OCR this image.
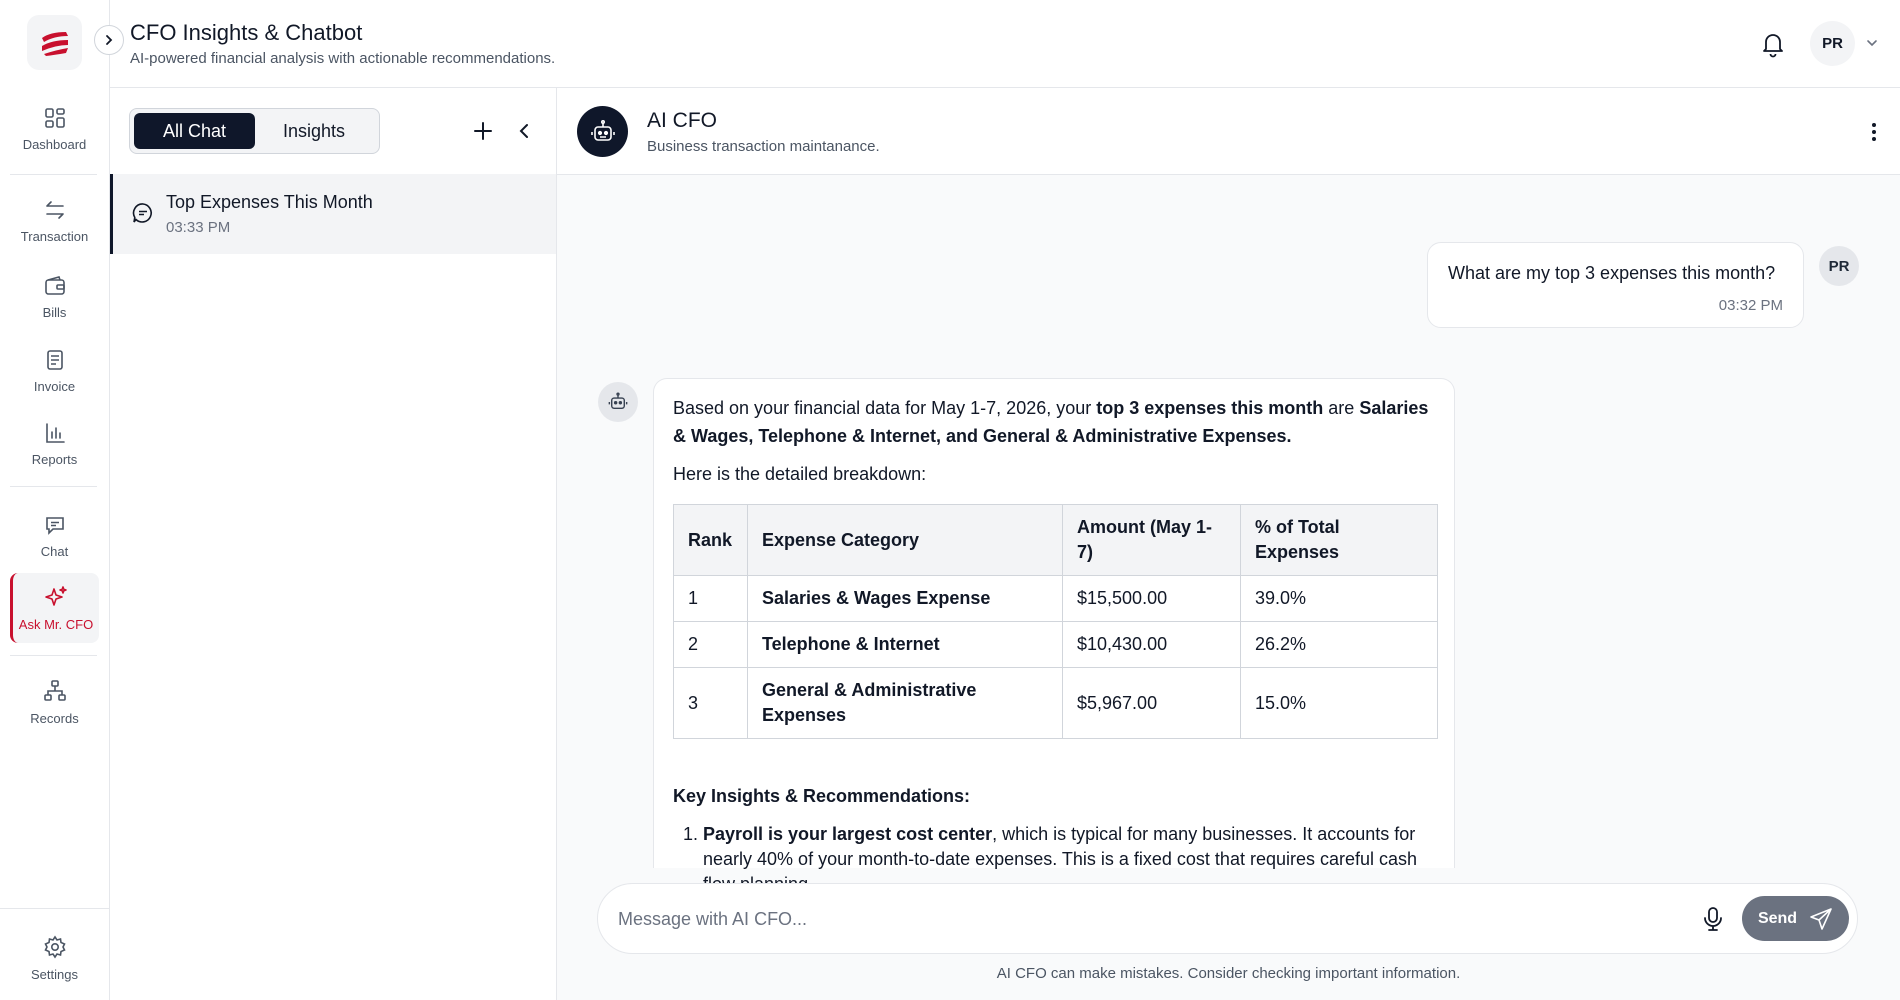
Dashboard
Transaction
Bills
Invoice
Reports
Chat
Ask Mr. CFO
Records
Settings
CFO Insights & Chatbot
AI-powered financial analysis with actionable recommendations.
PR
All Chat	Insights
Top Expenses This Month
03:33 PM
AI CFO
Business transaction maintanance.
What are my top 3 expenses this month?
03:32 PM
PR
Based on your financial data for May 1-7, 2026, your top 3 expenses this month are Salaries & Wages, Telephone & Internet, and General & Administrative Expenses.
Here is the detailed breakdown:
Rank	Expense Category	Amount (May 1-7)	% of Total Expenses
1	Salaries & Wages Expense	$15,500.00	39.0%
2	Telephone & Internet	$10,430.00	26.2%
3	General & Administrative Expenses	$5,967.00	15.0%
Key Insights & Recommendations:
1. Payroll is your largest cost center, which is typical for many businesses. It accounts for nearly 40% of your month-to-date expenses. This is a fixed cost that requires careful cash
Message with AI CFO...
Send
AI CFO can make mistakes. Consider checking important information.
